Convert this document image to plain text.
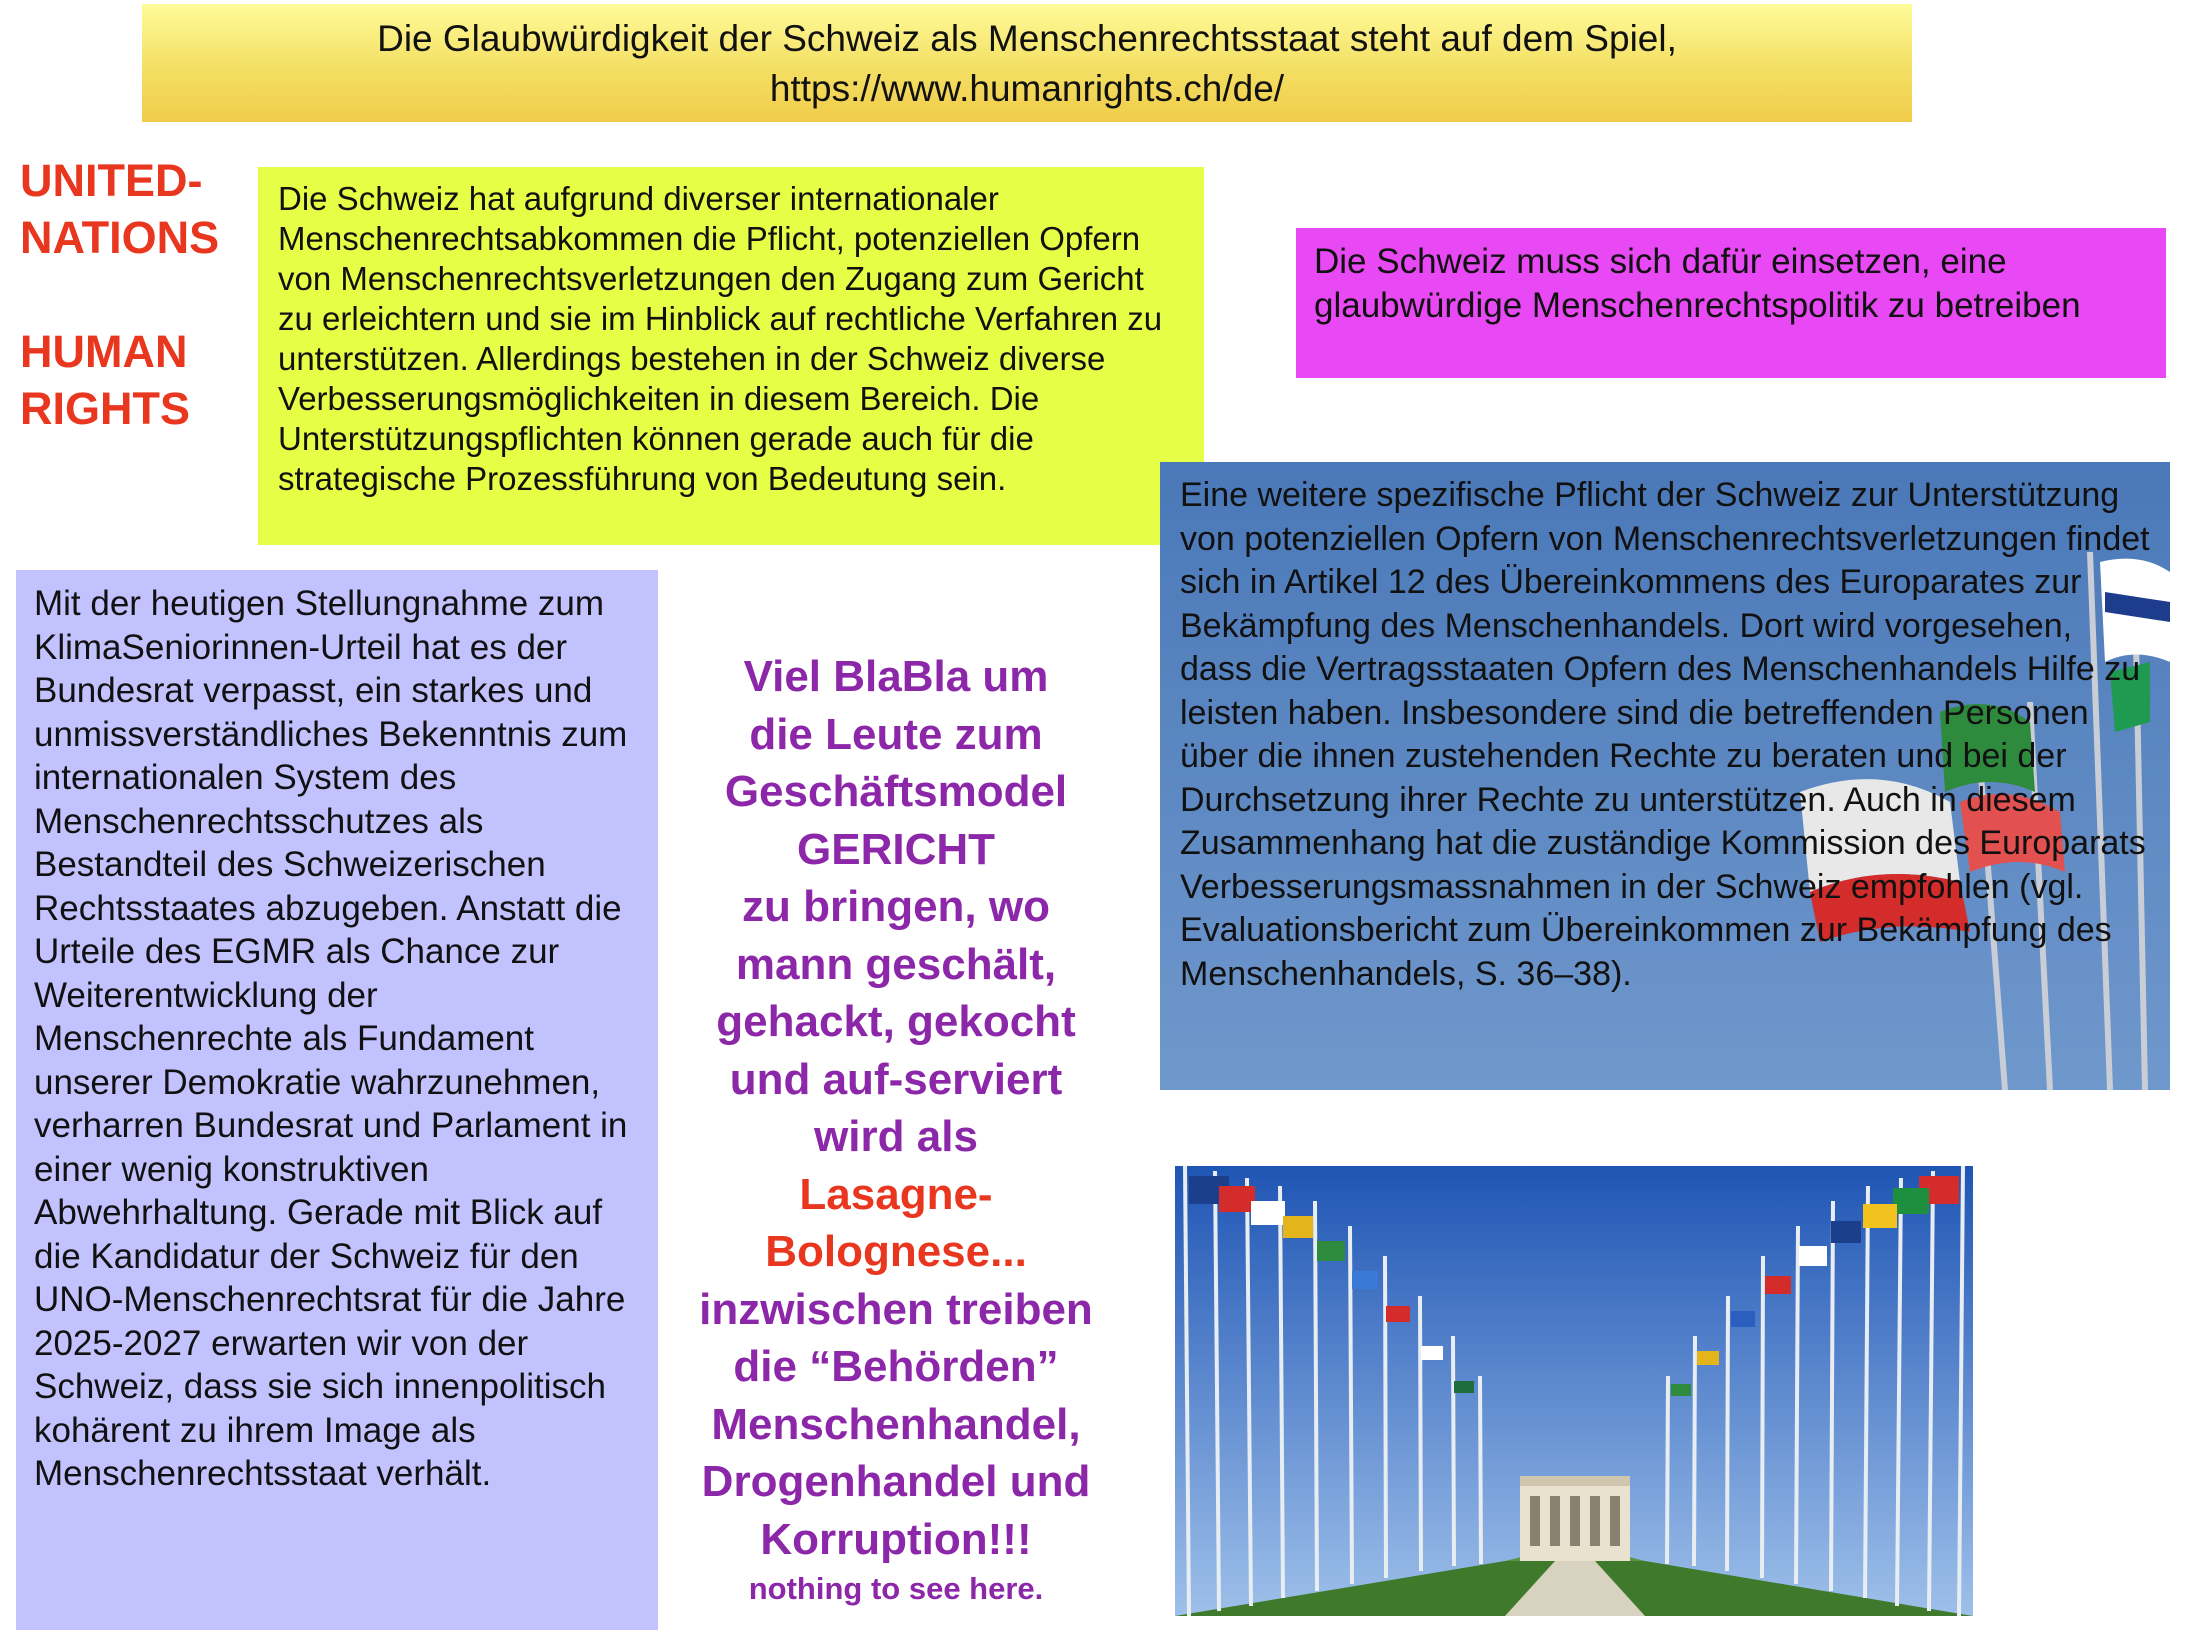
Die Glaubwürdigkeit der Schweiz als Menschenrechtsstaat steht auf dem Spiel,
https://www.humanrights.ch/de/
UNITED-
NATIONS
HUMAN
RIGHTS
Die Schweiz hat aufgrund diverser internationaler Menschenrechtsabkommen die Pflicht, potenziellen Opfern von Menschenrechtsverletzungen den Zugang zum Gericht zu erleichtern und sie im Hinblick auf rechtliche Verfahren zu unterstützen. Allerdings bestehen in der Schweiz diverse Verbesserungsmöglichkeiten in diesem Bereich. Die Unterstützungspflichten können gerade auch für die strategische Prozessführung von Bedeutung sein.
Die Schweiz muss sich dafür einsetzen, eine glaubwürdige Menschenrechtspolitik zu betreiben
Eine weitere spezifische Pflicht der Schweiz zur Unterstützung von potenziellen Opfern von Menschenrechtsverletzungen findet sich in Artikel 12 des Übereinkommens des Europarates zur Bekämpfung des Menschenhandels. Dort wird vorgesehen, dass die Vertragsstaaten Opfern des Menschenhandels Hilfe zu leisten haben. Insbesondere sind die betreffenden Personen über die ihnen zustehenden Rechte zu beraten und bei der Durchsetzung ihrer Rechte zu unterstützen. Auch in diesem Zusammenhang hat die zuständige Kommission des Europarats Verbesserungsmassnahmen in der Schweiz empfohlen (vgl. Evaluationsbericht zum Übereinkommen zur Bekämpfung des Menschenhandels, S. 36–38).
Mit der heutigen Stellungnahme zum KlimaSeniorinnen-Urteil hat es der Bundesrat verpasst, ein starkes und unmissverständliches Bekenntnis zum internationalen System des Menschenrechtsschutzes als Bestandteil des Schweizerischen Rechtsstaates abzugeben. Anstatt die Urteile des EGMR als Chance zur Weiterentwicklung der Menschenrechte als Fundament unserer Demokratie wahrzunehmen, verharren Bundesrat und Parlament in einer wenig konstruktiven Abwehrhaltung. Gerade mit Blick auf die Kandidatur der Schweiz für den UNO-Menschenrechtsrat für die Jahre 2025-2027 erwarten wir von der Schweiz, dass sie sich innenpolitisch kohärent zu ihrem Image als Menschenrechtsstaat verhält.
Viel BlaBla um
die Leute zum
Geschäftsmodel
GERICHT
zu bringen, wo
mann geschält,
gehackt, gekocht
und auf-serviert
wird als
Lasagne-
Bolognese...
inzwischen treiben
die “Behörden”
Menschenhandel,
Drogenhandel und
Korruption!!!
nothing to see here.
